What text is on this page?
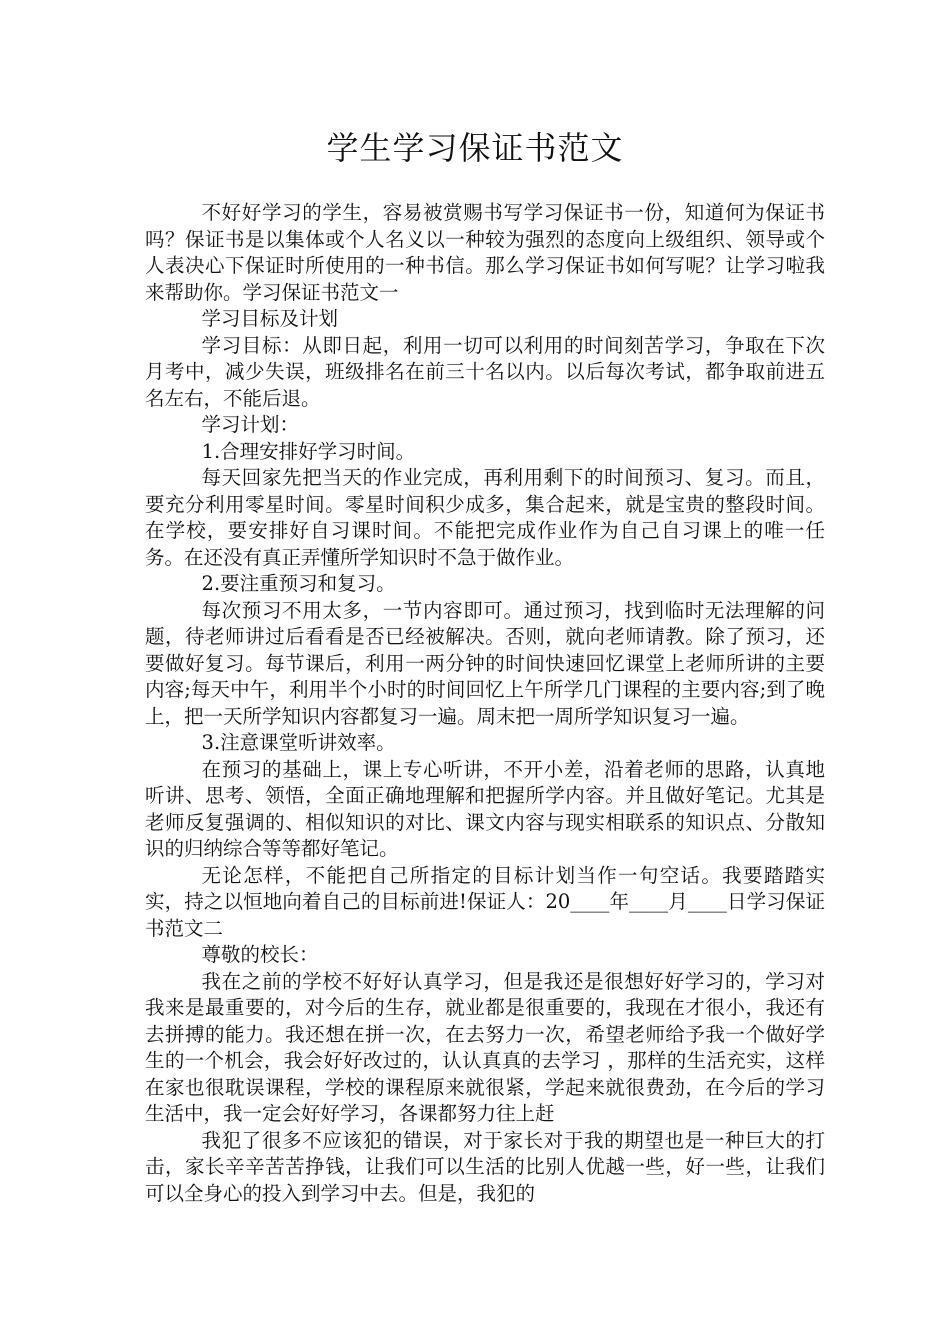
学生学习保证书范文

不好好学习的学生，容易被赏赐书写学习保证书一份，知道何为保证书吗？保证书是以集体或个人名义以一种较为强烈的态度向上级组织、领导或个人表决心下保证时所使用的一种书信。那么学习保证书如何写呢？让学习啦我来帮助你。学习保证书范文一

学习目标及计划

学习目标：从即日起，利用一切可以利用的时间刻苦学习，争取在下次月考中，减少失误，班级排名在前三十名以内。以后每次考试，都争取前进五名左右，不能后退。

学习计划：

1.合理安排好学习时间。

每天回家先把当天的作业完成，再利用剩下的时间预习、复习。而且，要充分利用零星时间。零星时间积少成多，集合起来，就是宝贵的整段时间。在学校，要安排好自习课时间。不能把完成作业作为自己自习课上的唯一任务。在还没有真正弄懂所学知识时不急于做作业。

2.要注重预习和复习。

每次预习不用太多，一节内容即可。通过预习，找到临时无法理解的问题，待老师讲过后看看是否已经被解决。否则，就向老师请教。除了预习，还要做好复习。每节课后，利用一两分钟的时间快速回忆课堂上老师所讲的主要内容;每天中午，利用半个小时的时间回忆上午所学几门课程的主要内容;到了晚上，把一天所学知识内容都复习一遍。周末把一周所学知识复习一遍。

3.注意课堂听讲效率。

在预习的基础上，课上专心听讲，不开小差，沿着老师的思路，认真地听讲、思考、领悟，全面正确地理解和把握所学内容。并且做好笔记。尤其是老师反复强调的、相似知识的对比、课文内容与现实相联系的知识点、分散知识的归纳综合等等都好笔记。

无论怎样，不能把自己所指定的目标计划当作一句空话。我要踏踏实实，持之以恒地向着自己的目标前进!保证人：20____年____月____日学习保证书范文二

尊敬的校长：

我在之前的学校不好好认真学习，但是我还是很想好好学习的，学习对我来是最重要的，对今后的生存，就业都是很重要的，我现在才很小，我还有去拼搏的能力。我还想在拼一次，在去努力一次，希望老师给予我一个做好学生的一个机会，我会好好改过的，认认真真的去学习 ，那样的生活充实，这样在家也很耽误课程，学校的课程原来就很紧，学起来就很费劲，在今后的学习生活中，我一定会好好学习，各课都努力往上赶

我犯了很多不应该犯的错误，对于家长对于我的期望也是一种巨大的打击，家长辛辛苦苦挣钱，让我们可以生活的比别人优越一些，好一些，让我们可以全身心的投入到学习中去。但是，我犯的
